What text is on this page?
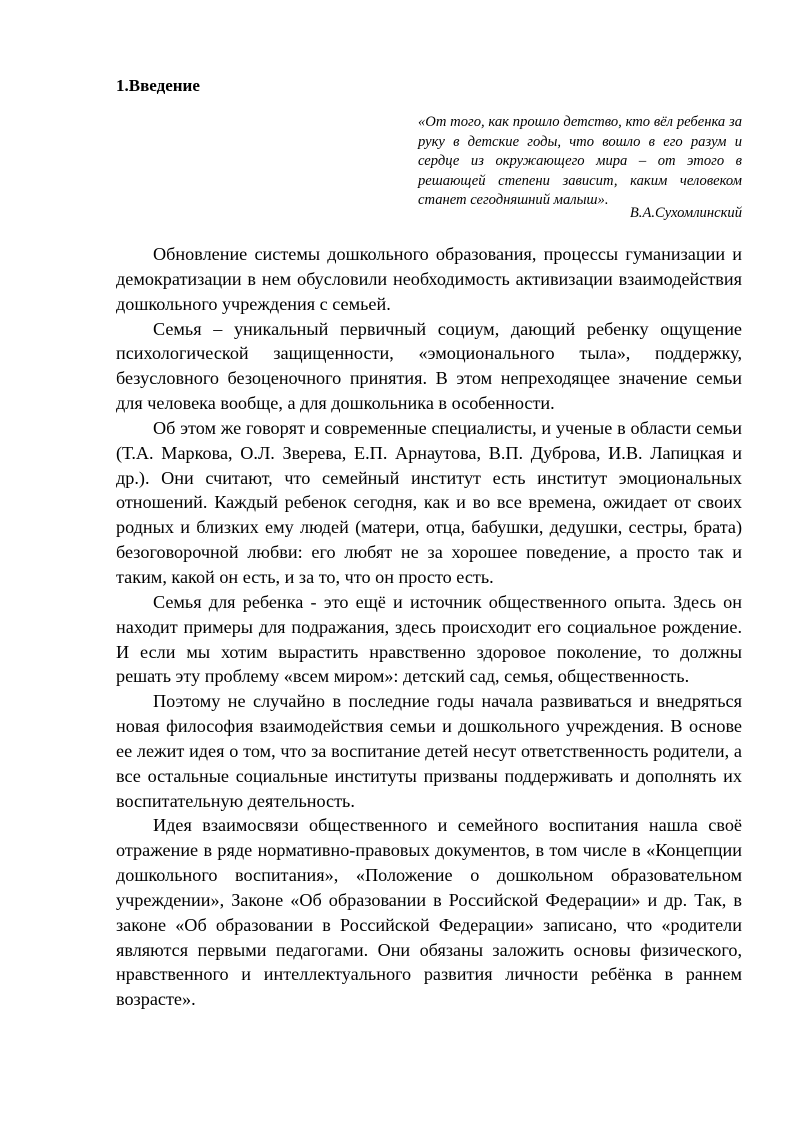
1.Введение

«От того, как прошло детство, кто вёл ребенка за руку в детские годы, что вошло в его разум и сердце из окружающего мира – от этого в решающей степени зависит, каким человеком станет сегодняшний малыш».

В.А.Сухомлинский

Обновление системы дошкольного образования, процессы гуманизации и демократизации в нем обусловили необходимость активизации взаимодействия дошкольного учреждения с семьей.

Семья – уникальный первичный социум, дающий ребенку ощущение психологической защищенности, «эмоционального тыла», поддержку, безусловного безоценочного принятия. В этом непреходящее значение семьи для человека вообще, а для дошкольника в особенности.

Об этом же говорят и современные специалисты, и ученые в области семьи (Т.А. Маркова, О.Л. Зверева, Е.П. Арнаутова, В.П. Дуброва, И.В. Лапицкая и др.). Они считают, что семейный институт есть институт эмоциональных отношений. Каждый ребенок сегодня, как и во все времена, ожидает от своих родных и близких ему людей (матери, отца, бабушки, дедушки, сестры, брата) безоговорочной любви: его любят не за хорошее поведение, а просто так и таким, какой он есть, и за то, что он просто есть.

Семья для ребенка - это ещё и источник общественного опыта. Здесь он находит примеры для подражания, здесь происходит его социальное рождение. И если мы хотим вырастить нравственно здоровое поколение, то должны решать эту проблему «всем миром»: детский сад, семья, общественность.

Поэтому не случайно в последние годы начала развиваться и внедряться новая философия взаимодействия семьи и дошкольного учреждения. В основе ее лежит идея о том, что за воспитание детей несут ответственность родители, а все остальные социальные институты призваны поддерживать и дополнять их воспитательную деятельность.

Идея взаимосвязи общественного и семейного воспитания нашла своё отражение в ряде нормативно-правовых документов, в том числе в «Концепции дошкольного воспитания», «Положение о дошкольном образовательном учреждении», Законе «Об образовании в Российской Федерации» и др. Так, в законе «Об образовании в Российской Федерации» записано, что «родители являются первыми педагогами. Они обязаны заложить основы физического, нравственного и интеллектуального развития личности ребёнка в раннем возрасте».
